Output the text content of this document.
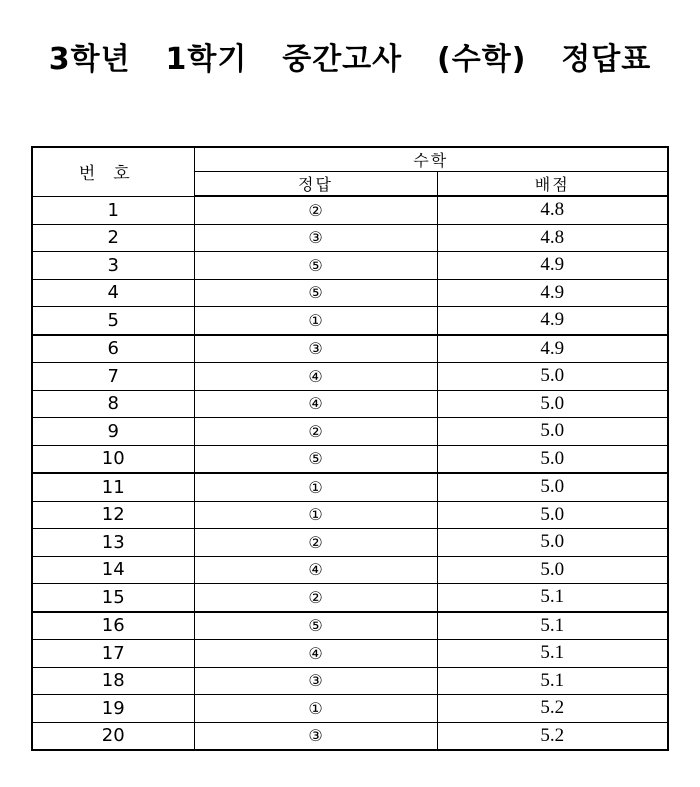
3학년  1학기  중간고사  (수학)  정답표
번호	수학	
	정답	배점
1	②	4.8
2	③	4.8
3	⑤	4.9
4	⑤	4.9
5	①	4.9
6	③	4.9
7	④	5.0
8	④	5.0
9	②	5.0
10	⑤	5.0
11	①	5.0
12	①	5.0
13	②	5.0
14	④	5.0
15	②	5.1
16	⑤	5.1
17	④	5.1
18	③	5.1
19	①	5.2
20	③	5.2
